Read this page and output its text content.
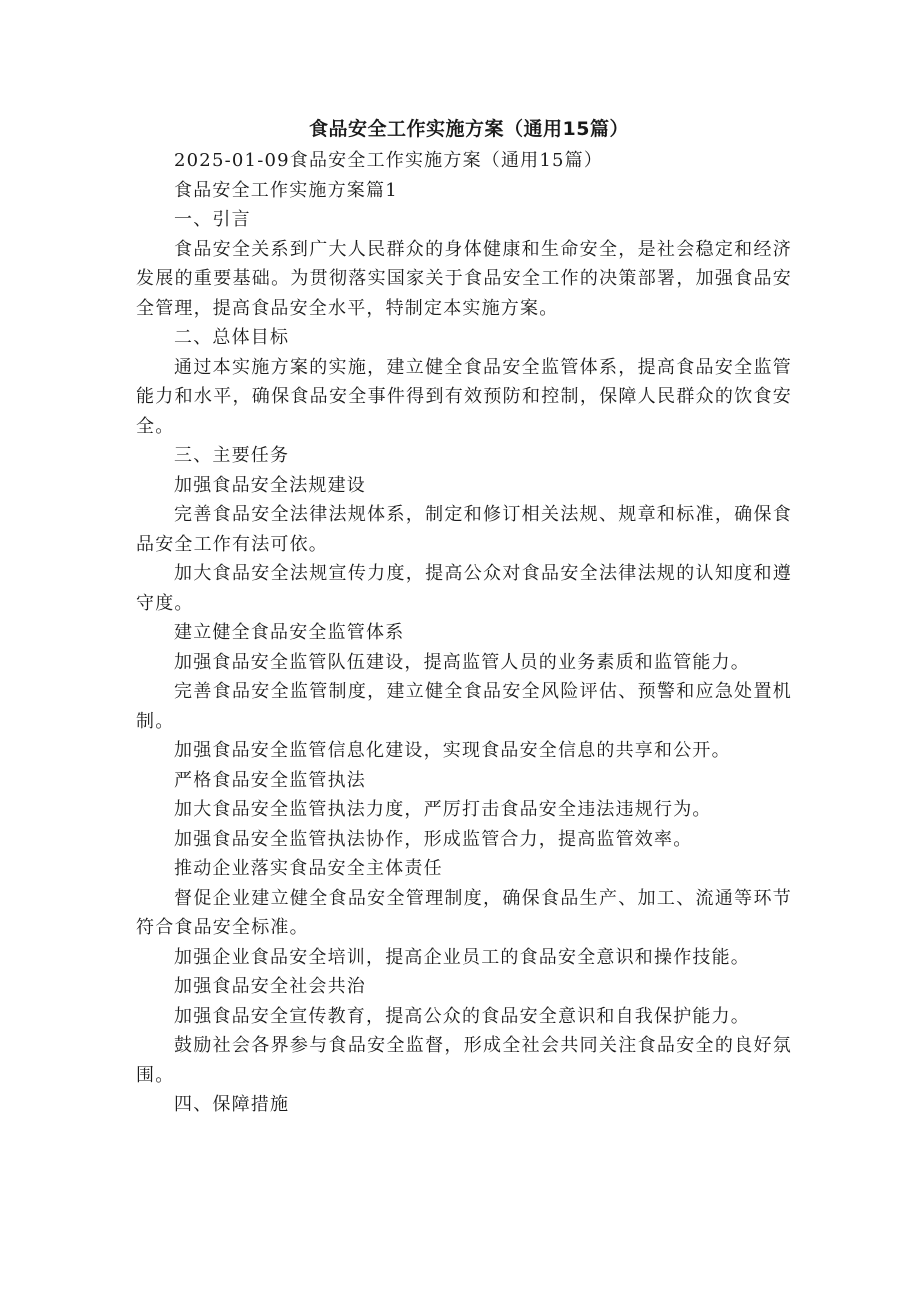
食品安全工作实施方案（通用15篇）

2025-01-09食品安全工作实施方案（通用15篇）

食品安全工作实施方案篇1

一、引言

食品安全关系到广大人民群众的身体健康和生命安全，是社会稳定和经济发展的重要基础。为贯彻落实国家关于食品安全工作的决策部署，加强食品安全管理，提高食品安全水平，特制定本实施方案。

二、总体目标

通过本实施方案的实施，建立健全食品安全监管体系，提高食品安全监管能力和水平，确保食品安全事件得到有效预防和控制，保障人民群众的饮食安全。

三、主要任务

加强食品安全法规建设

完善食品安全法律法规体系，制定和修订相关法规、规章和标准，确保食品安全工作有法可依。

加大食品安全法规宣传力度，提高公众对食品安全法律法规的认知度和遵守度。

建立健全食品安全监管体系

加强食品安全监管队伍建设，提高监管人员的业务素质和监管能力。

完善食品安全监管制度，建立健全食品安全风险评估、预警和应急处置机制。

加强食品安全监管信息化建设，实现食品安全信息的共享和公开。

严格食品安全监管执法

加大食品安全监管执法力度，严厉打击食品安全违法违规行为。

加强食品安全监管执法协作，形成监管合力，提高监管效率。

推动企业落实食品安全主体责任

督促企业建立健全食品安全管理制度，确保食品生产、加工、流通等环节符合食品安全标准。

加强企业食品安全培训，提高企业员工的食品安全意识和操作技能。

加强食品安全社会共治

加强食品安全宣传教育，提高公众的食品安全意识和自我保护能力。

鼓励社会各界参与食品安全监督，形成全社会共同关注食品安全的良好氛围。

四、保障措施
